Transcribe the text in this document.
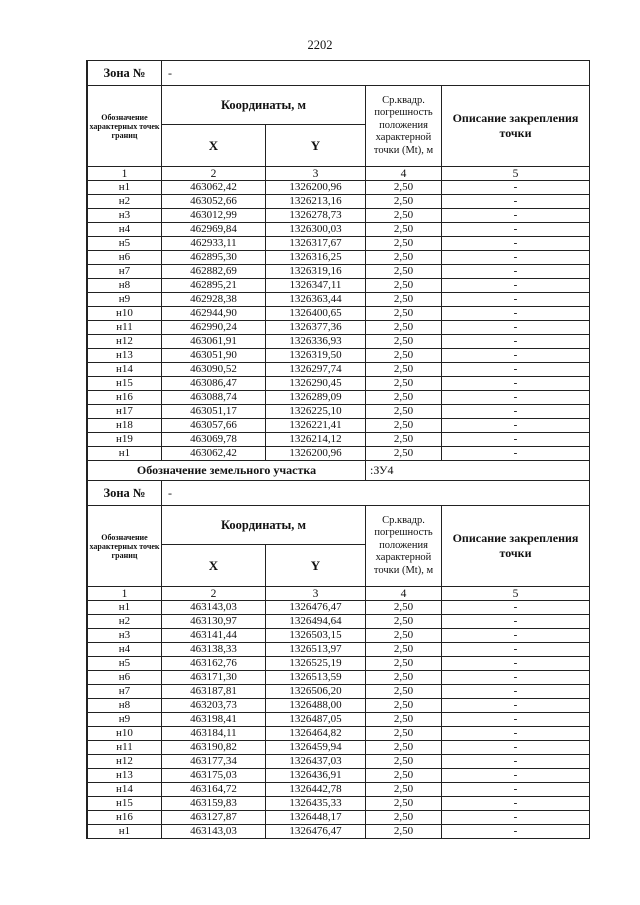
2202
Зона №	-			
Обозначение характерных точек границ	Координаты, м		Ср.квадр. погрешность положения характерной точки (Mt), м	Описание закрепления точки
	X	Y		
1	2	3	4	5
н1	463062,42	1326200,96	2,50	-
н2	463052,66	1326213,16	2,50	-
н3	463012,99	1326278,73	2,50	-
н4	462969,84	1326300,03	2,50	-
н5	462933,11	1326317,67	2,50	-
н6	462895,30	1326316,25	2,50	-
н7	462882,69	1326319,16	2,50	-
н8	462895,21	1326347,11	2,50	-
н9	462928,38	1326363,44	2,50	-
н10	462944,90	1326400,65	2,50	-
н11	462990,24	1326377,36	2,50	-
н12	463061,91	1326336,93	2,50	-
н13	463051,90	1326319,50	2,50	-
н14	463090,52	1326297,74	2,50	-
н15	463086,47	1326290,45	2,50	-
н16	463088,74	1326289,09	2,50	-
н17	463051,17	1326225,10	2,50	-
н18	463057,66	1326221,41	2,50	-
н19	463069,78	1326214,12	2,50	-
н1	463062,42	1326200,96	2,50	-
Обозначение земельного участка			:ЗУ4	
Зона №	-			
Обозначение характерных точек границ	Координаты, м		Ср.квадр. погрешность положения характерной точки (Mt), м	Описание закрепления точки
	X	Y		
1	2	3	4	5
н1	463143,03	1326476,47	2,50	-
н2	463130,97	1326494,64	2,50	-
н3	463141,44	1326503,15	2,50	-
н4	463138,33	1326513,97	2,50	-
н5	463162,76	1326525,19	2,50	-
н6	463171,30	1326513,59	2,50	-
н7	463187,81	1326506,20	2,50	-
н8	463203,73	1326488,00	2,50	-
н9	463198,41	1326487,05	2,50	-
н10	463184,11	1326464,82	2,50	-
н11	463190,82	1326459,94	2,50	-
н12	463177,34	1326437,03	2,50	-
н13	463175,03	1326436,91	2,50	-
н14	463164,72	1326442,78	2,50	-
н15	463159,83	1326435,33	2,50	-
н16	463127,87	1326448,17	2,50	-
н1	463143,03	1326476,47	2,50	-
